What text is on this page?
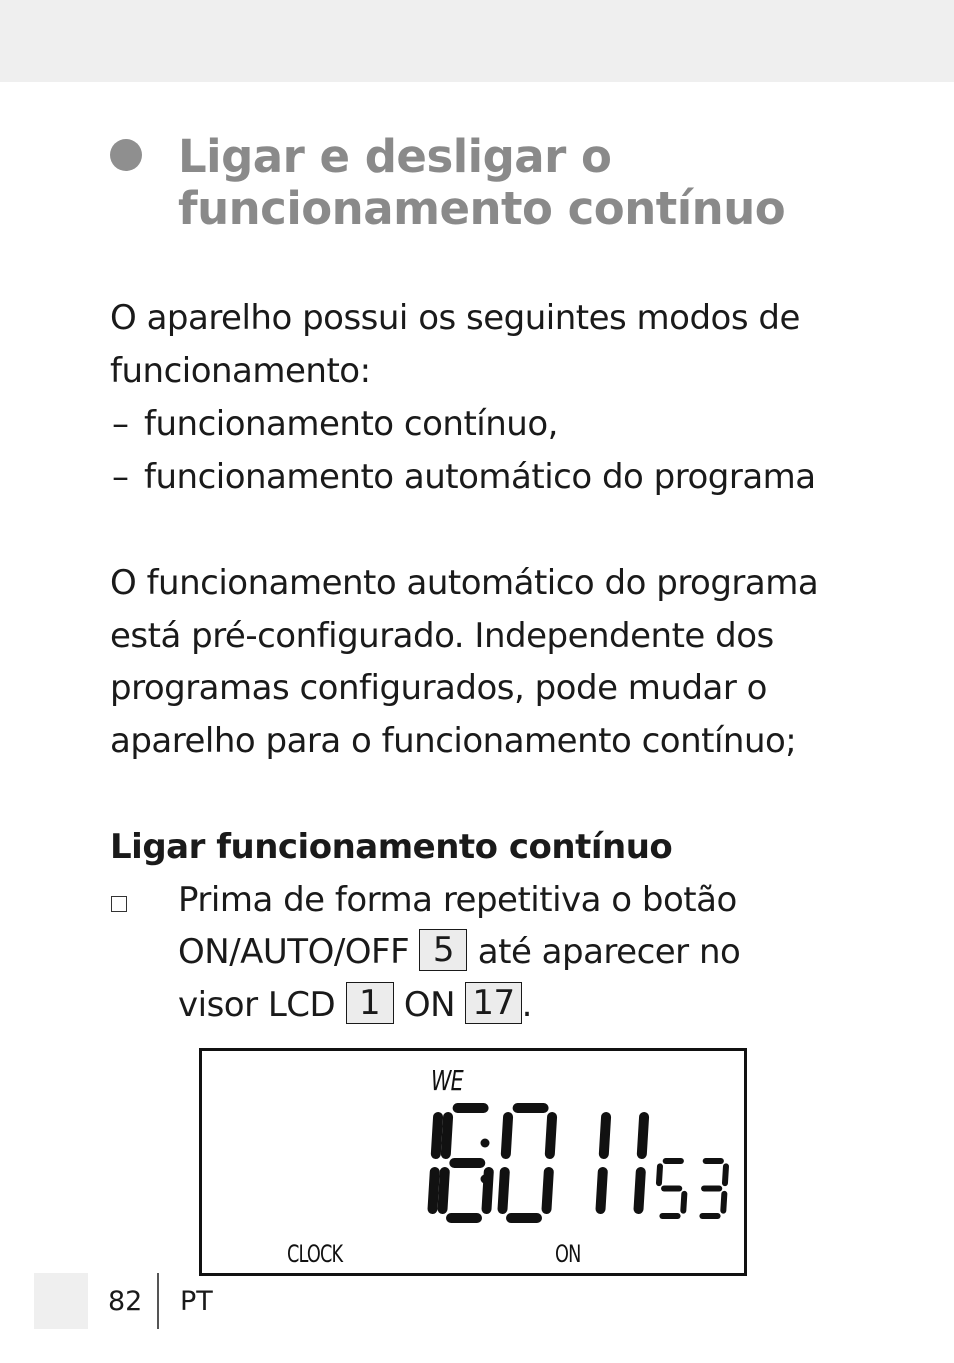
Ligar e desligar o
funcionamento contínuo
O aparelho possui os seguintes modos de
funcionamento:
– funcionamento contínuo,
– funcionamento automático do programa
O funcionamento automático do programa
está pré-configurado. Independente dos
programas configurados, pode mudar o
aparelho para o funcionamento contínuo;
Ligar funcionamento contínuo
Prima de forma repetitiva o botão
ON/AUTO/OFF 5 até aparecer no
visor LCD 1 ON 17 .
WE
CLOCK	ON
82 PT
